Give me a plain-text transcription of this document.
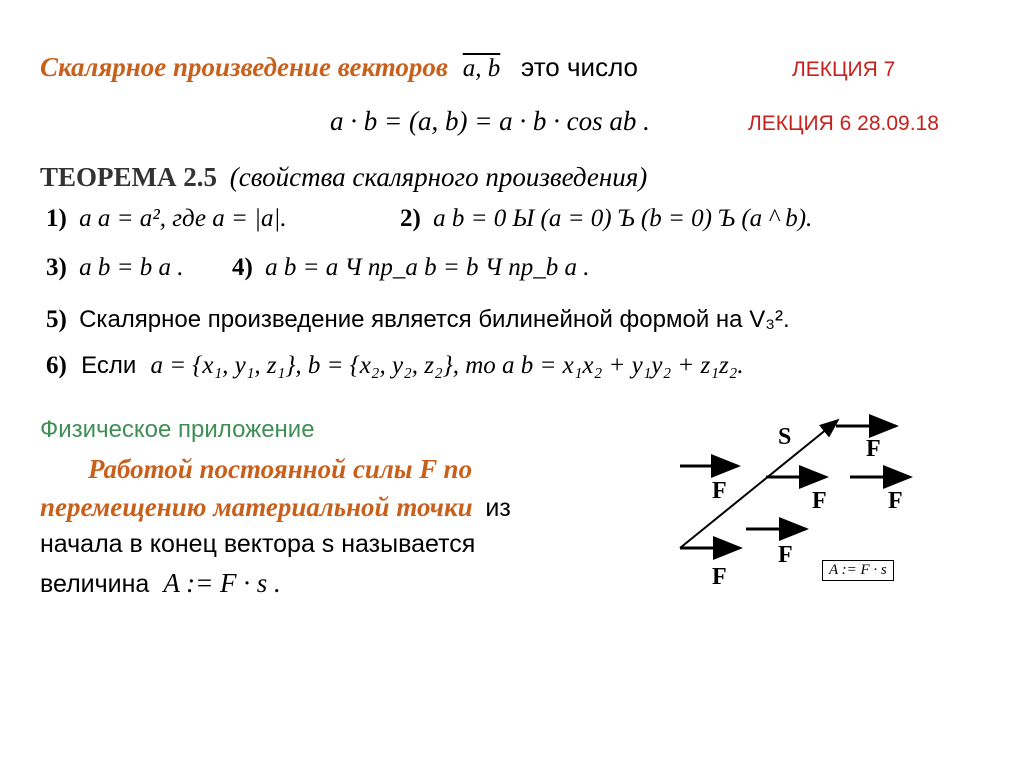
Скалярное произведение векторов a, b это число	ЛЕКЦИЯ 7
a · b = (a, b) = a · b · cos ab .	ЛЕКЦИЯ 6 28.09.18
ТЕОРЕМА 2.5 (свойства скалярного произведения)
1) a a = a², где a = |a|.	2) a b = 0 Ы (a = 0) Ъ (b = 0) Ъ (a ^ b).
3) a b = b a . 4) a b = a Ч пр_a b = b Ч пр_b a .
5) Скалярное произведение является билинейной формой на V₃².
6) Если a = {x₁, y₁, z₁}, b = {x₂, y₂, z₂}, то a b = x₁x₂ + y₁y₂ + z₁z₂.
Физическое приложение
Работой постоянной силы F по
перемещению материальной точки из
начала в конец вектора s называется
величина A := F · s .
S	F
F	F	F
F
F	A := F · s
